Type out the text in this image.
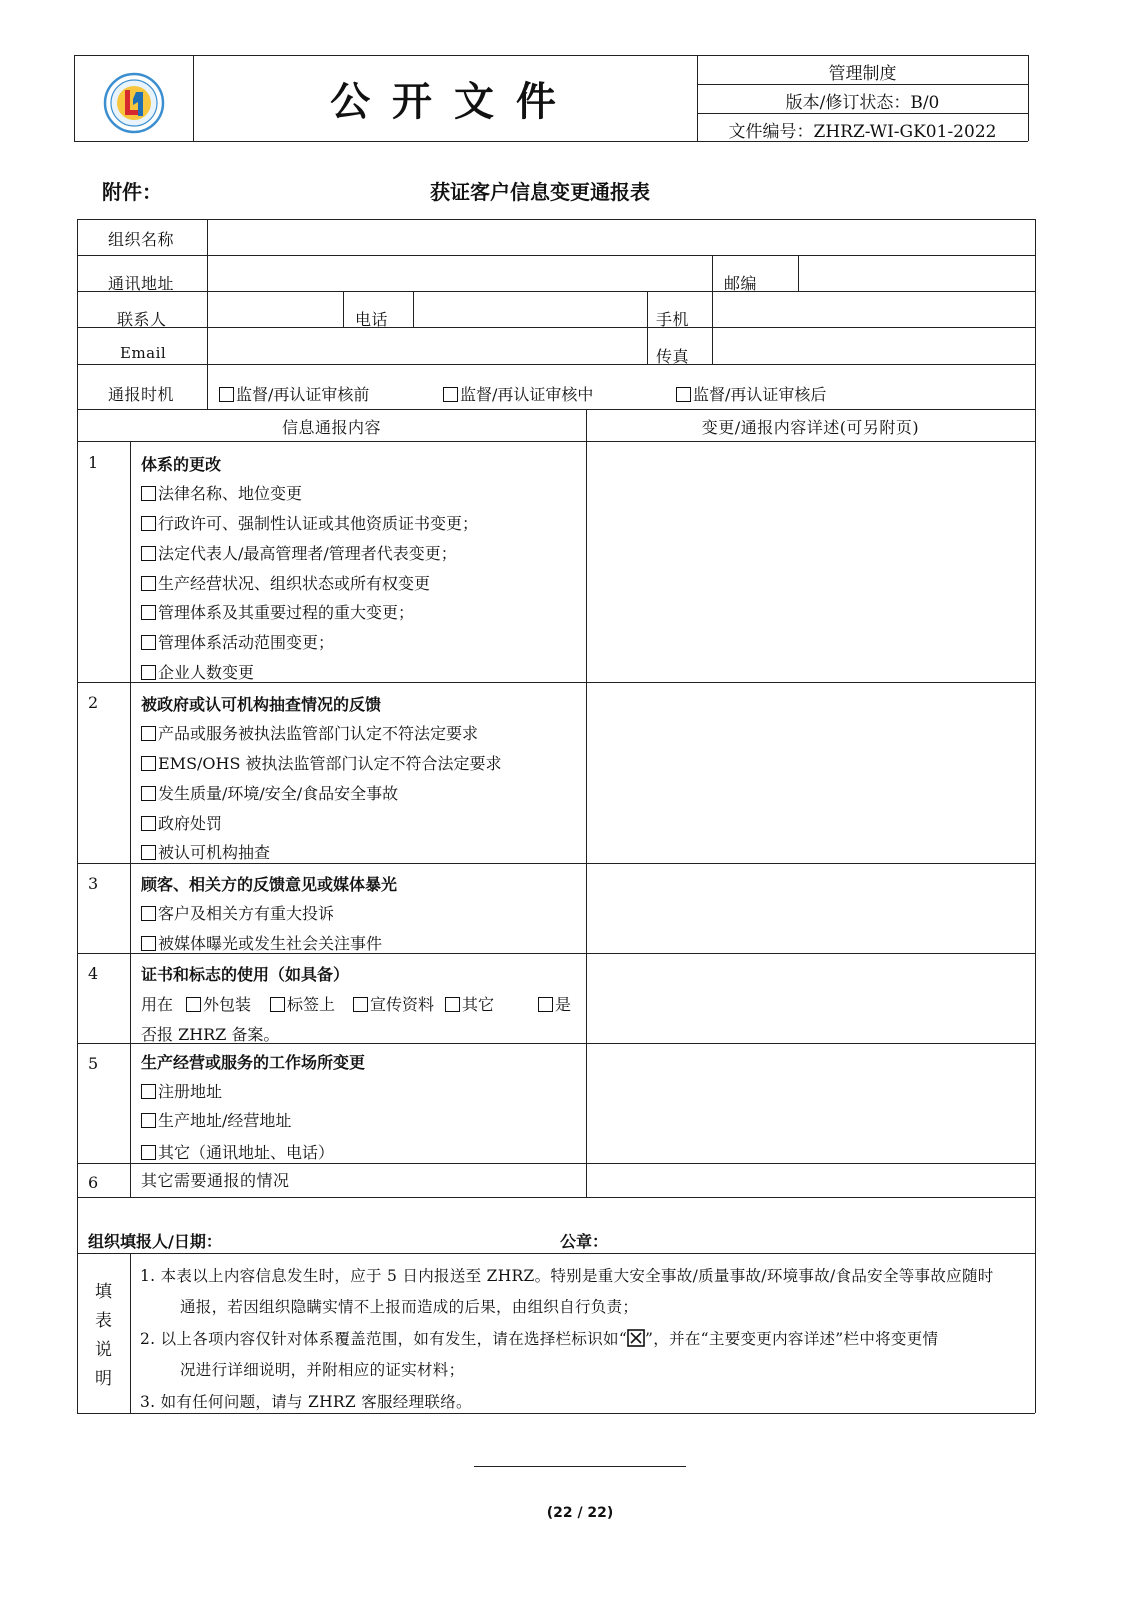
公 开 文 件
管理制度
版本/修订状态：B/0
文件编号：ZHRZ-WI-GK01-2022
附件：	获证客户信息变更通报表
组织名称
通讯地址	邮编
联系人	电话	手机
Email	传真
通报时机	监督/再认证审核前	监督/再认证审核中	监督/再认证审核后
信息通报内容	变更/通报内容详述(可另附页)
1	体系的更改
法律名称、地位变更
行政许可、强制性认证或其他资质证书变更；
法定代表人/最高管理者/管理者代表变更；
生产经营状况、组织状态或所有权变更
管理体系及其重要过程的重大变更；
管理体系活动范围变更；
企业人数变更
2	被政府或认可机构抽查情况的反馈
产品或服务被执法监管部门认定不符法定要求
EMS/OHS 被执法监管部门认定不符合法定要求
发生质量/环境/安全/食品安全事故
政府处罚
被认可机构抽查
3	顾客、相关方的反馈意见或媒体暴光
客户及相关方有重大投诉
被媒体曝光或发生社会关注事件
4	证书和标志的使用（如具备）
用在	外包装	标签上	宣传资料	其它	是
否报 ZHRZ 备案。
5	生产经营或服务的工作场所变更
注册地址
生产地址/经营地址
其它（通讯地址、电话）
6	其它需要通报的情况
组织填报人/日期：	公章：
填
表
说
明
1. 本表以上内容信息发生时，应于 5 日内报送至 ZHRZ。特别是重大安全事故/质量事故/环境事故/食品安全等事故应随时
通报，若因组织隐瞒实情不上报而造成的后果，由组织自行负责；
2. 以上各项内容仅针对体系覆盖范围，如有发生，请在选择栏标识如“ ”，并在“主要变更内容详述”栏中将变更情
况进行详细说明，并附相应的证实材料；
3. 如有任何问题，请与 ZHRZ 客服经理联络。
(22 / 22)
